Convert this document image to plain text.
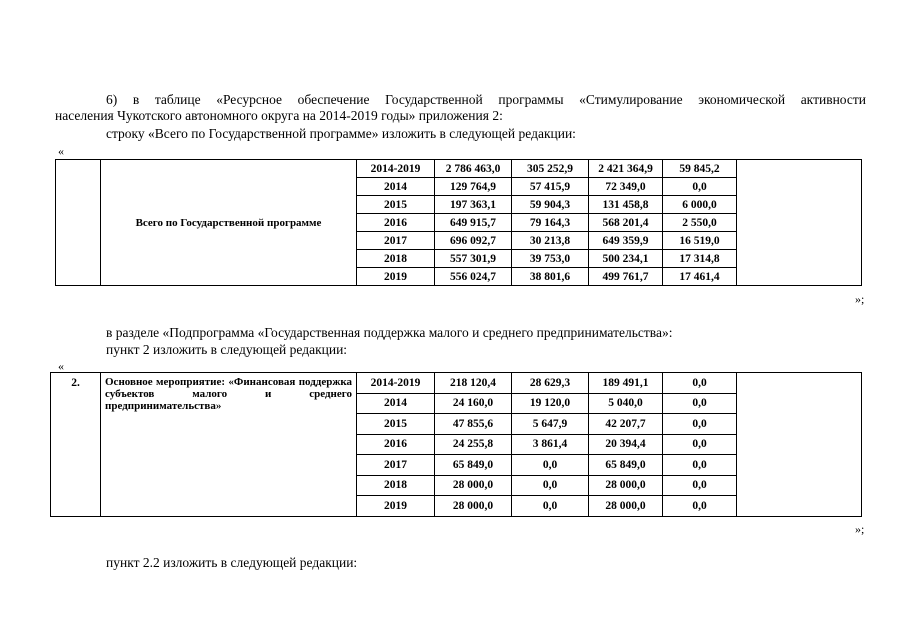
6) в таблице «Ресурсное обеспечение Государственной программы «Стимулирование экономической активности
населения Чукотского автономного округа на 2014-2019 годы» приложения 2:
строку «Всего по Государственной программе» изложить в следующей редакции:
«
	Всего по Государственной программе	2014-2019	2 786 463,0	305 252,9	2 421 364,9	59 845,2	
		2014	129 764,9	57 415,9	72 349,0	0,0	
		2015	197 363,1	59 904,3	131 458,8	6 000,0	
		2016	649 915,7	79 164,3	568 201,4	2 550,0	
		2017	696 092,7	30 213,8	649 359,9	16 519,0	
		2018	557 301,9	39 753,0	500 234,1	17 314,8	
		2019	556 024,7	38 801,6	499 761,7	17 461,4	
»;
в разделе «Подпрограмма «Государственная поддержка малого и среднего предпринимательства»:
пункт 2 изложить в следующей редакции:
«
2.	Основное мероприятие: «Финансовая поддержка субъектов малого и среднего предпринимательства»	2014-2019	218 120,4	28 629,3	189 491,1	0,0	
		2014	24 160,0	19 120,0	5 040,0	0,0	
		2015	47 855,6	5 647,9	42 207,7	0,0	
		2016	24 255,8	3 861,4	20 394,4	0,0	
		2017	65 849,0	0,0	65 849,0	0,0	
		2018	28 000,0	0,0	28 000,0	0,0	
		2019	28 000,0	0,0	28 000,0	0,0	
»;
пункт 2.2 изложить в следующей редакции:
